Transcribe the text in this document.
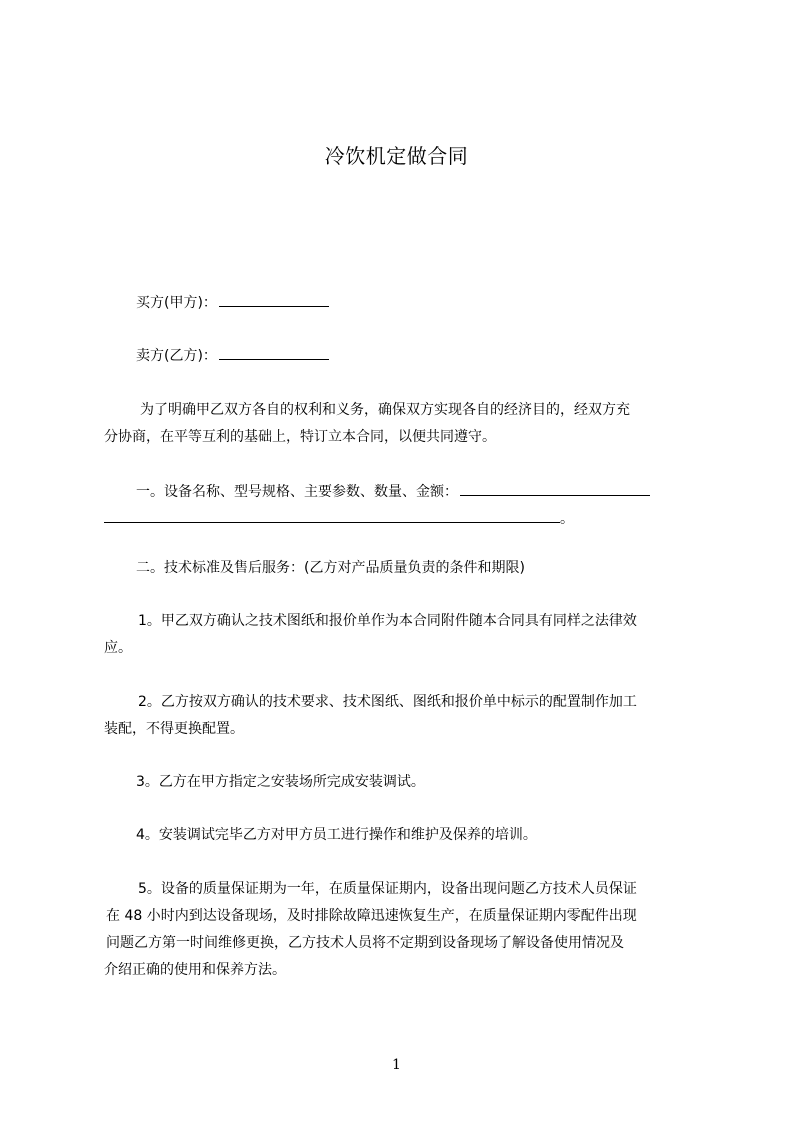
冷饮机定做合同
买方(甲方)：
卖方(乙方)：
为了明确甲乙双方各自的权利和义务，确保双方实现各自的经济目的，经双方充
分协商，在平等互利的基础上，特订立本合同，以便共同遵守。
一。设备名称、型号规格、主要参数、数量、金额：
。
二。技术标准及售后服务：(乙方对产品质量负责的条件和期限)
1。甲乙双方确认之技术图纸和报价单作为本合同附件随本合同具有同样之法律效
应。
2。乙方按双方确认的技术要求、技术图纸、图纸和报价单中标示的配置制作加工
装配，不得更换配置。
3。乙方在甲方指定之安装场所完成安装调试。
4。安装调试完毕乙方对甲方员工进行操作和维护及保养的培训。
5。设备的质量保证期为一年，在质量保证期内，设备出现问题乙方技术人员保证
在 48 小时内到达设备现场，及时排除故障迅速恢复生产，在质量保证期内零配件出现
问题乙方第一时间维修更换，乙方技术人员将不定期到设备现场了解设备使用情况及
介绍正确的使用和保养方法。
1
